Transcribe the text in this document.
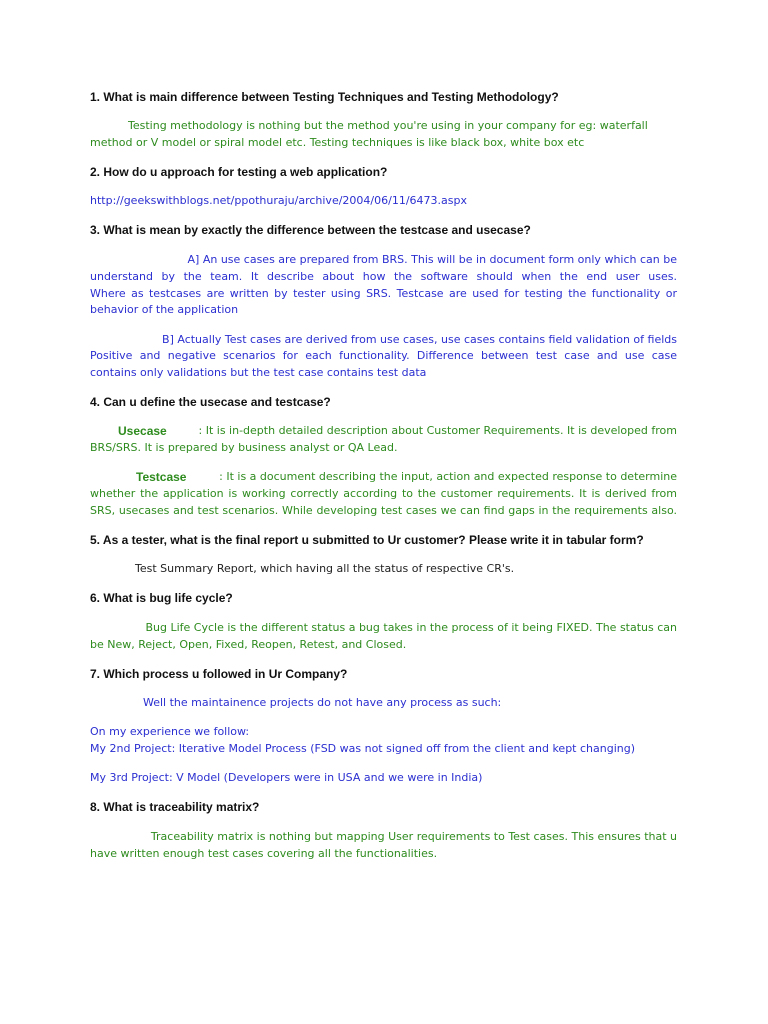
1. What is main difference between Testing Techniques and Testing Methodology?
Testing methodology is nothing but the method you're using in your company for eg: waterfall
method or V model or spiral model etc. Testing techniques is like black box, white box etc
2. How do u approach for testing a web application?
http://geekswithblogs.net/ppothuraju/archive/2004/06/11/6473.aspx
3. What is mean by exactly the difference between the testcase and usecase?
A] An use cases are prepared from BRS. This will be in document form only which can be
understand by the team. It describe about how the software should when the end user uses.
Where as testcases are written by tester using SRS. Testcase are used for testing the functionality or
behavior of the application
B] Actually Test cases are derived from use cases, use cases contains field validation of fields
Positive and negative scenarios for each functionality. Difference between test case and use case
contains only validations but the test case contains test data
4. Can u define the usecase and testcase?
Usecase	: It is in-depth detailed description about Customer Requirements. It is developed from
BRS/SRS. It is prepared by business analyst or QA Lead.
Testcase	: It is a document describing the input, action and expected response to determine
whether the application is working correctly according to the customer requirements. It is derived from
SRS, usecases and test scenarios. While developing test cases we can find gaps in the requirements also.
5. As a tester, what is the final report u submitted to Ur customer? Please write it in tabular form?
Test Summary Report, which having all the status of respective CR's.
6. What is bug life cycle?
Bug Life Cycle is the different status a bug takes in the process of it being FIXED. The status can
be New, Reject, Open, Fixed, Reopen, Retest, and Closed.
7. Which process u followed in Ur Company?
Well the maintainence projects do not have any process as such:
On my experience we follow:
My 2nd Project: Iterative Model Process (FSD was not signed off from the client and kept changing)
My 3rd Project: V Model (Developers were in USA and we were in India)
8. What is traceability matrix?
Traceability matrix is nothing but mapping User requirements to Test cases. This ensures that u
have written enough test cases covering all the functionalities.
